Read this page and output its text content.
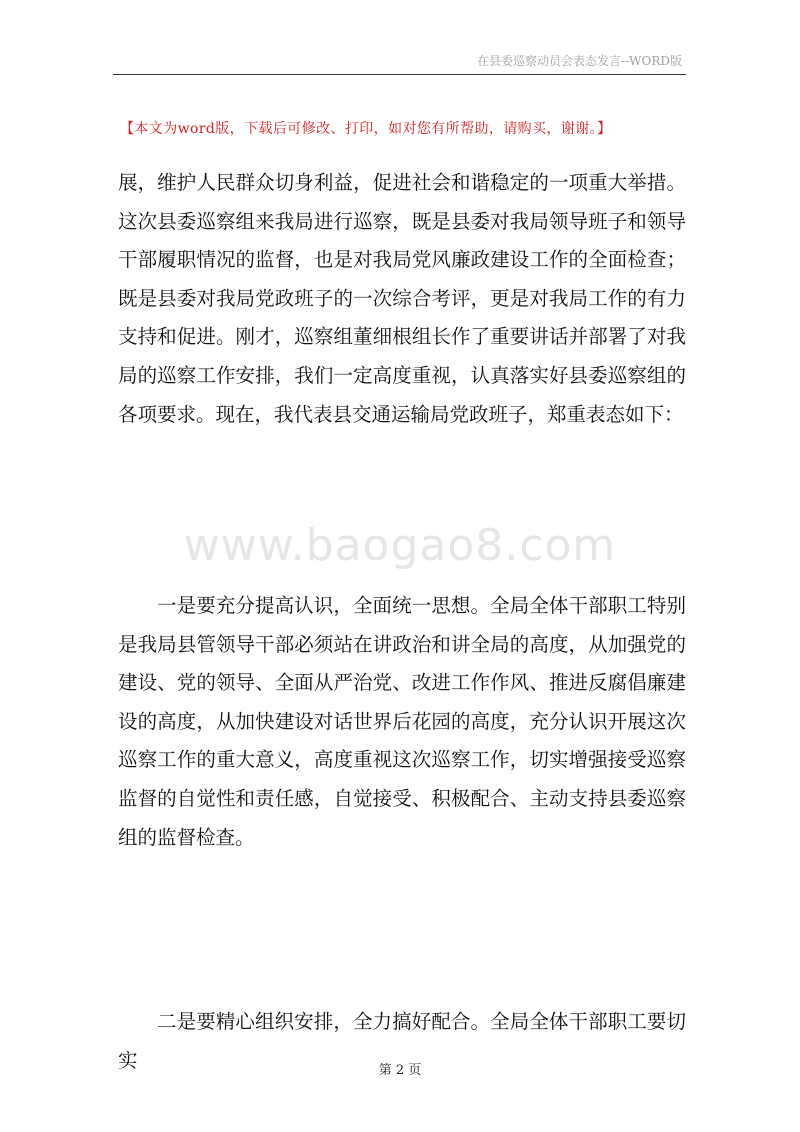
在县委巡察动员会表态发言--WORD版
【本文为word版，下载后可修改、打印，如对您有所帮助，请购买，谢谢。】

展，维护人民群众切身利益，促进社会和谐稳定的一项重大举措。这次县委巡察组来我局进行巡察，既是县委对我局领导班子和领导干部履职情况的监督，也是对我局党风廉政建设工作的全面检查；既是县委对我局党政班子的一次综合考评，更是对我局工作的有力支持和促进。刚才，巡察组董细根组长作了重要讲话并部署了对我局的巡察工作安排，我们一定高度重视，认真落实好县委巡察组的各项要求。现在，我代表县交通运输局党政班子，郑重表态如下：

www.baogao8.com

一是要充分提高认识，全面统一思想。全局全体干部职工特别是我局县管领导干部必须站在讲政治和讲全局的高度，从加强党的建设、党的领导、全面从严治党、改进工作作风、推进反腐倡廉建设的高度，从加快建设对话世界后花园的高度，充分认识开展这次巡察工作的重大意义，高度重视这次巡察工作，切实增强接受巡察监督的自觉性和责任感，自觉接受、积极配合、主动支持县委巡察组的监督检查。

二是要精心组织安排，全力搞好配合。全局全体干部职工要切实	第 2 页
